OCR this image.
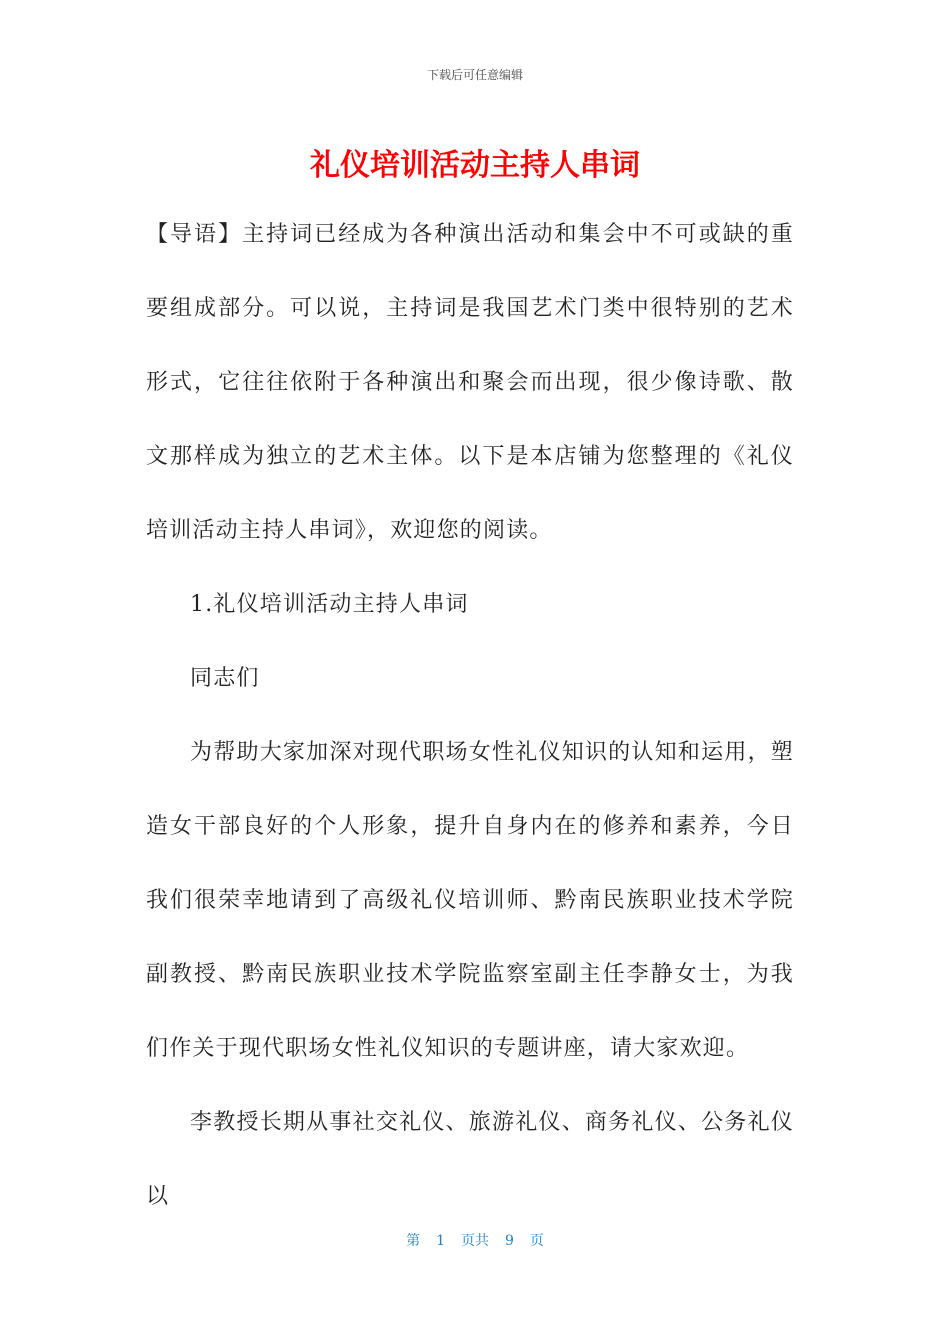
下载后可任意编辑
礼仪培训活动主持人串词

【导语】主持词已经成为各种演出活动和集会中不可或缺的重要组成部分。可以说，主持词是我国艺术门类中很特别的艺术形式，它往往依附于各种演出和聚会而出现，很少像诗歌、散文那样成为独立的艺术主体。以下是本店铺为您整理的《礼仪培训活动主持人串词》，欢迎您的阅读。

1.礼仪培训活动主持人串词

同志们

为帮助大家加深对现代职场女性礼仪知识的认知和运用，塑造女干部良好的个人形象，提升自身内在的修养和素养，今日我们很荣幸地请到了高级礼仪培训师、黔南民族职业技术学院副教授、黔南民族职业技术学院监察室副主任李静女士，为我们作关于现代职场女性礼仪知识的专题讲座，请大家欢迎。

李教授长期从事社交礼仪、旅游礼仪、商务礼仪、公务礼仪以

第 1 页共 9 页
